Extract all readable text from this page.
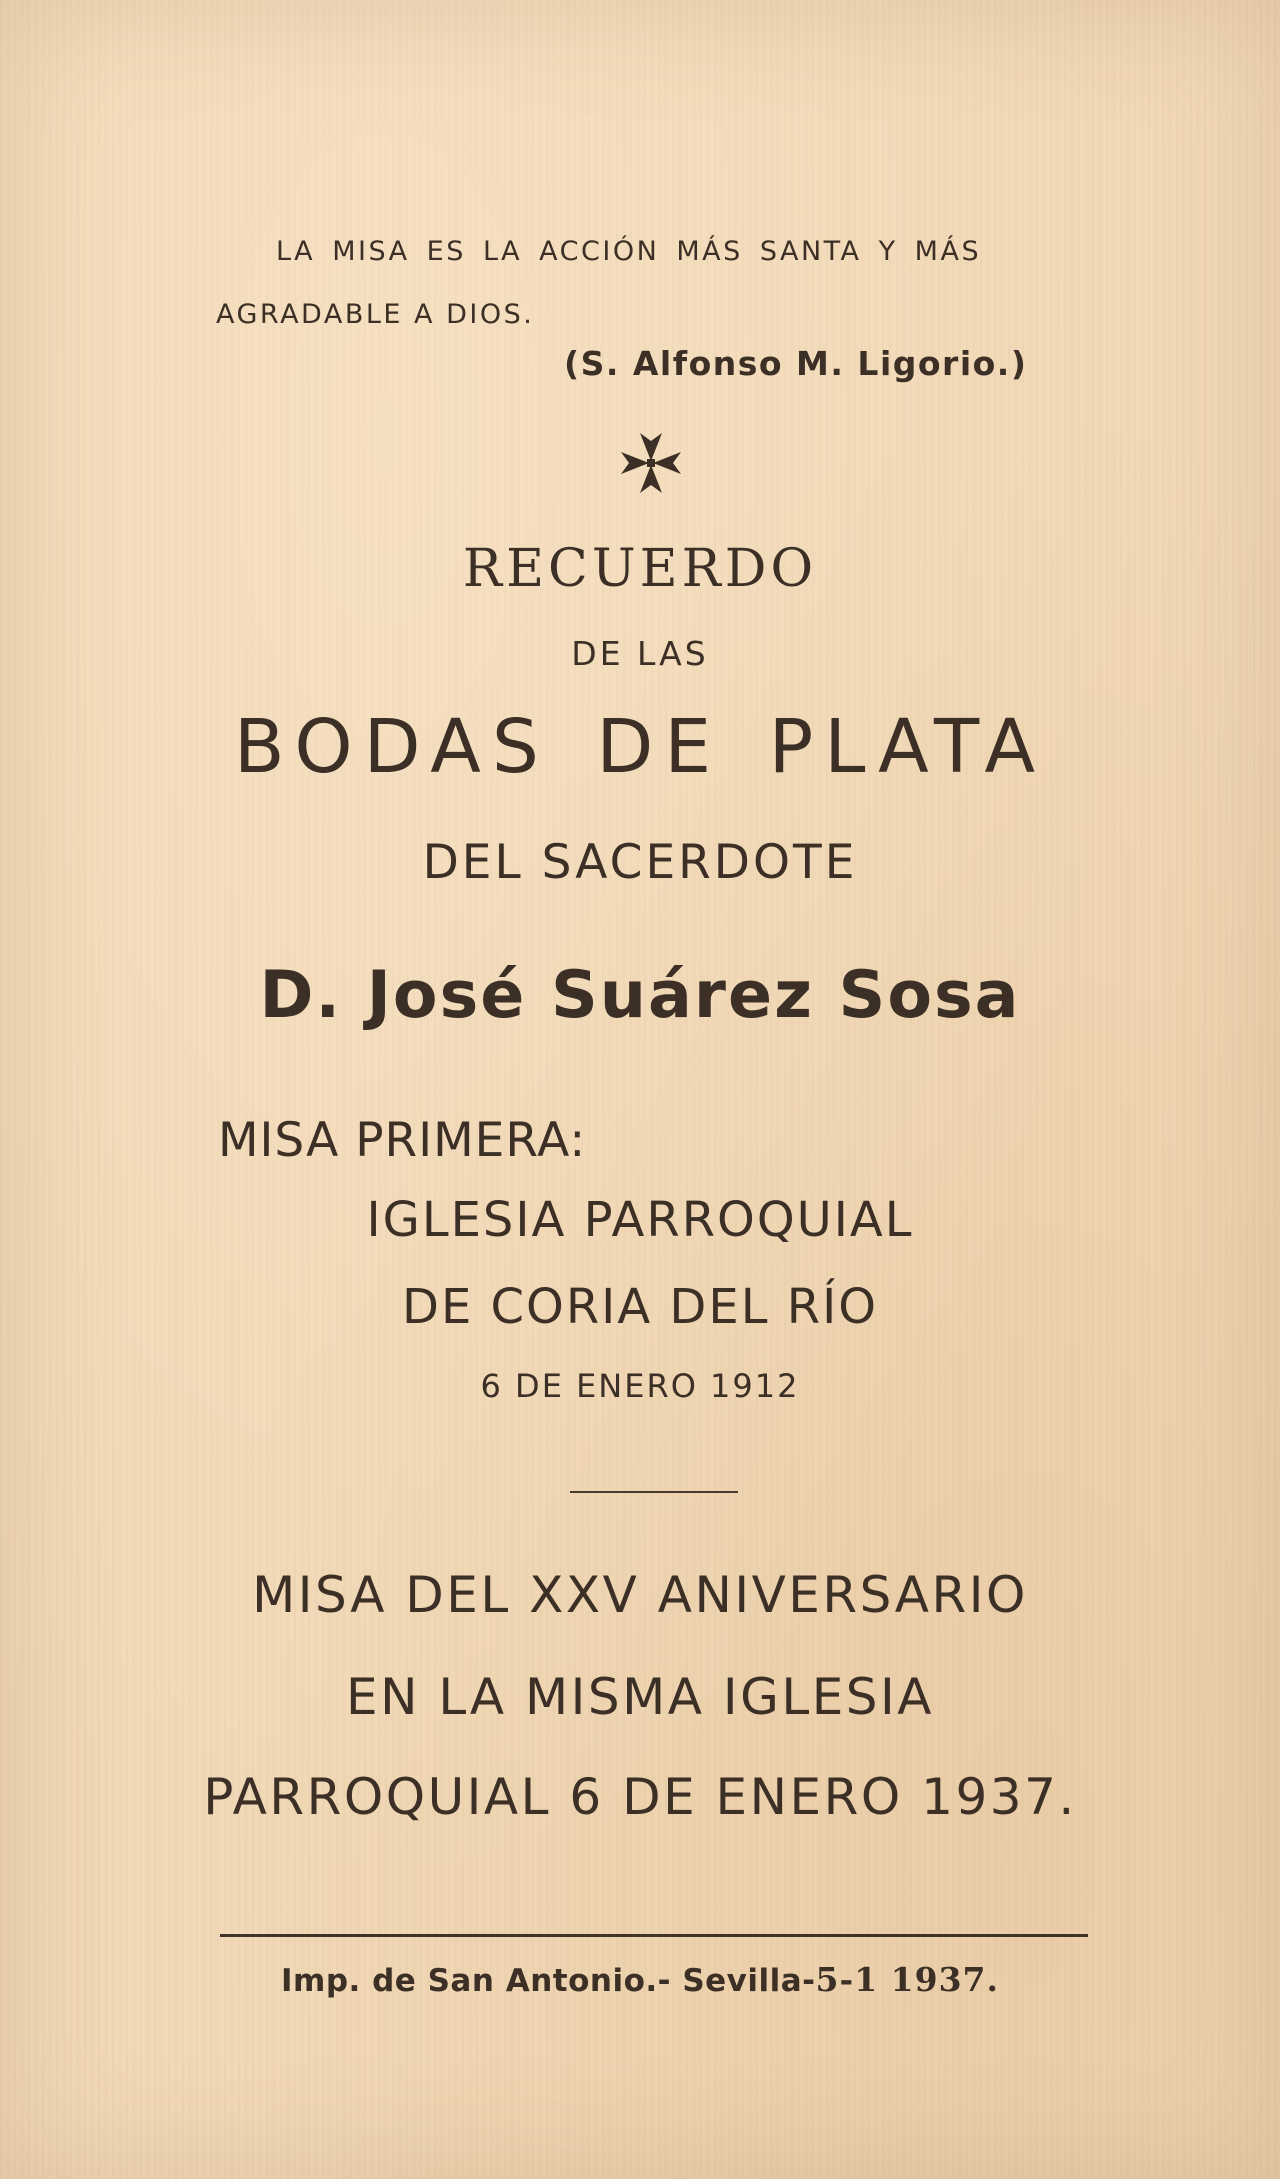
LA MISA ES LA ACCIÓN MÁS SANTA Y MÁS

AGRADABLE A DIOS.

(S. Alfonso M. Ligorio.)

RECUERDO

DE LAS

BODAS DE PLATA

DEL SACERDOTE

D. José Suárez Sosa

MISA PRIMERA:

IGLESIA PARROQUIAL

DE CORIA DEL RÍO

6 DE ENERO 1912

MISA DEL XXV ANIVERSARIO

EN LA MISMA IGLESIA

PARROQUIAL 6 DE ENERO 1937.

Imp. de San Antonio.- Sevilla-5-1 1937.
